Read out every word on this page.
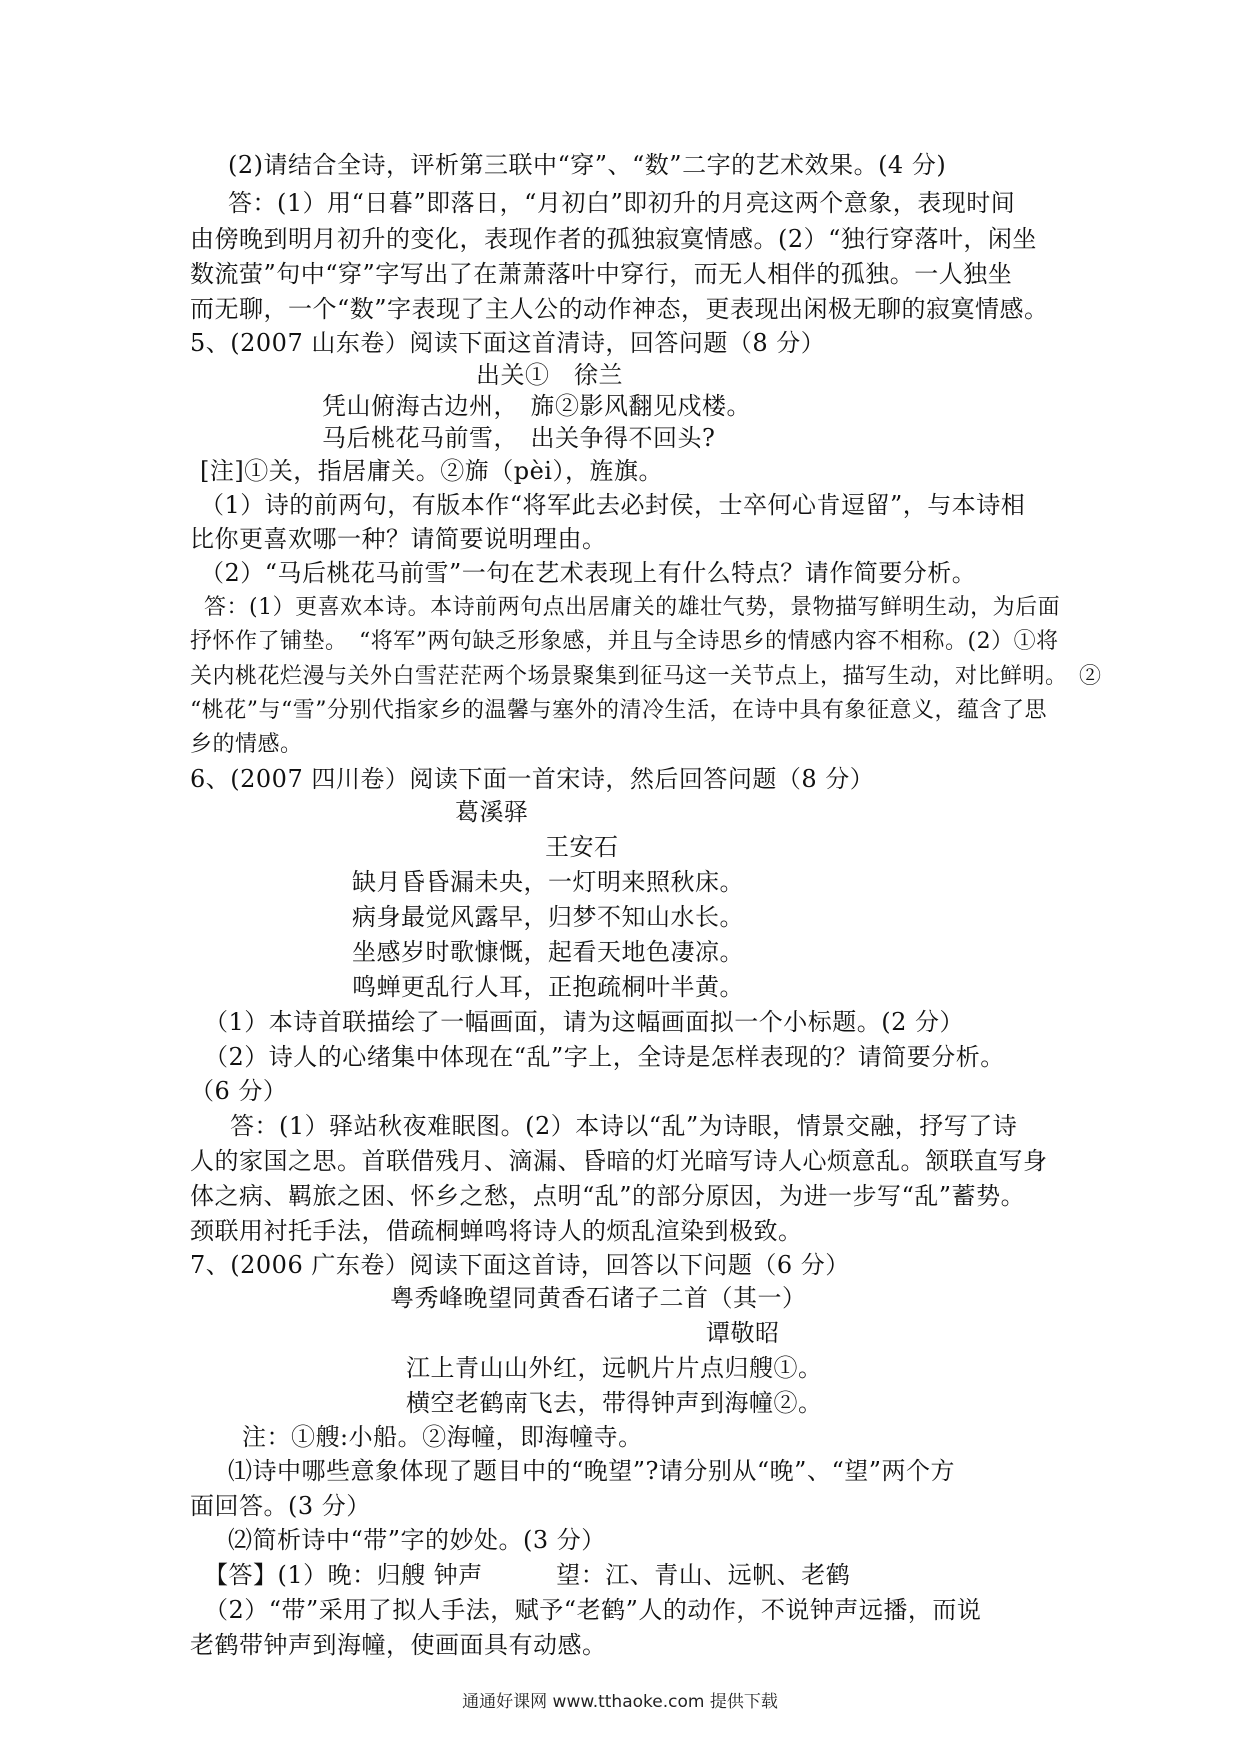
(2)请结合全诗，评析第三联中“穿”、“数”二字的艺术效果。(4 分)
答：(1）用“日暮”即落日，“月初白”即初升的月亮这两个意象，表现时间
由傍晚到明月初升的变化，表现作者的孤独寂寞情感。(2）“独行穿落叶，闲坐
数流萤”句中“穿”字写出了在萧萧落叶中穿行，而无人相伴的孤独。一人独坐
而无聊，一个“数”字表现了主人公的动作神态，更表现出闲极无聊的寂寞情感。
5、(2007 山东卷）阅读下面这首清诗，回答问题（8 分）
出关①　徐兰
凭山俯海古边州，　旆②影风翻见戍楼。
马后桃花马前雪，　出关争得不回头?
[注]①关，指居庸关。②旆（pèi），旌旗。
（1）诗的前两句，有版本作“将军此去必封侯，士卒何心肯逗留”，与本诗相
比你更喜欢哪一种？请简要说明理由。
（2）“马后桃花马前雪”一句在艺术表现上有什么特点？请作简要分析。
答：(1）更喜欢本诗。本诗前两句点出居庸关的雄壮气势，景物描写鲜明生动，为后面
抒怀作了铺垫。　“将军”两句缺乏形象感，并且与全诗思乡的情感内容不相称。(2）①将
关内桃花烂漫与关外白雪茫茫两个场景聚集到征马这一关节点上，描写生动，对比鲜明。　②
“桃花”与“雪”分别代指家乡的温馨与塞外的清冷生活，在诗中具有象征意义，蕴含了思
乡的情感。
6、(2007 四川卷）阅读下面一首宋诗，然后回答问题（8 分）
葛溪驿
王安石
缺月昏昏漏未央，一灯明来照秋床。
病身最觉风露早，归梦不知山水长。
坐感岁时歌慷慨，起看天地色凄凉。
鸣蝉更乱行人耳，正抱疏桐叶半黄。
（1）本诗首联描绘了一幅画面，请为这幅画面拟一个小标题。(2 分）
（2）诗人的心绪集中体现在“乱”字上，全诗是怎样表现的？请简要分析。
（6 分）
答：(1）驿站秋夜难眠图。(2）本诗以“乱”为诗眼，情景交融，抒写了诗
人的家国之思。首联借残月、滴漏、昏暗的灯光暗写诗人心烦意乱。颔联直写身
体之病、羁旅之困、怀乡之愁，点明“乱”的部分原因，为进一步写“乱”蓄势。
颈联用衬托手法，借疏桐蝉鸣将诗人的烦乱渲染到极致。
7、(2006 广东卷）阅读下面这首诗，回答以下问题（6 分）
粤秀峰晚望同黄香石诸子二首（其一）
谭敬昭
江上青山山外红，远帆片片点归艘①。
横空老鹤南飞去，带得钟声到海幢②。
注：①艘:小船。②海幢，即海幢寺。
⑴诗中哪些意象体现了题目中的“晚望”?请分别从“晚”、“望”两个方
面回答。(3 分）
⑵简析诗中“带”字的妙处。(3 分）
【答】(1）晚：归艘 钟声　　　望：江、青山、远帆、老鹤
（2）“带”采用了拟人手法，赋予“老鹤”人的动作，不说钟声远播，而说
老鹤带钟声到海幢，使画面具有动感。
通通好课网 www.tthaoke.com 提供下载
